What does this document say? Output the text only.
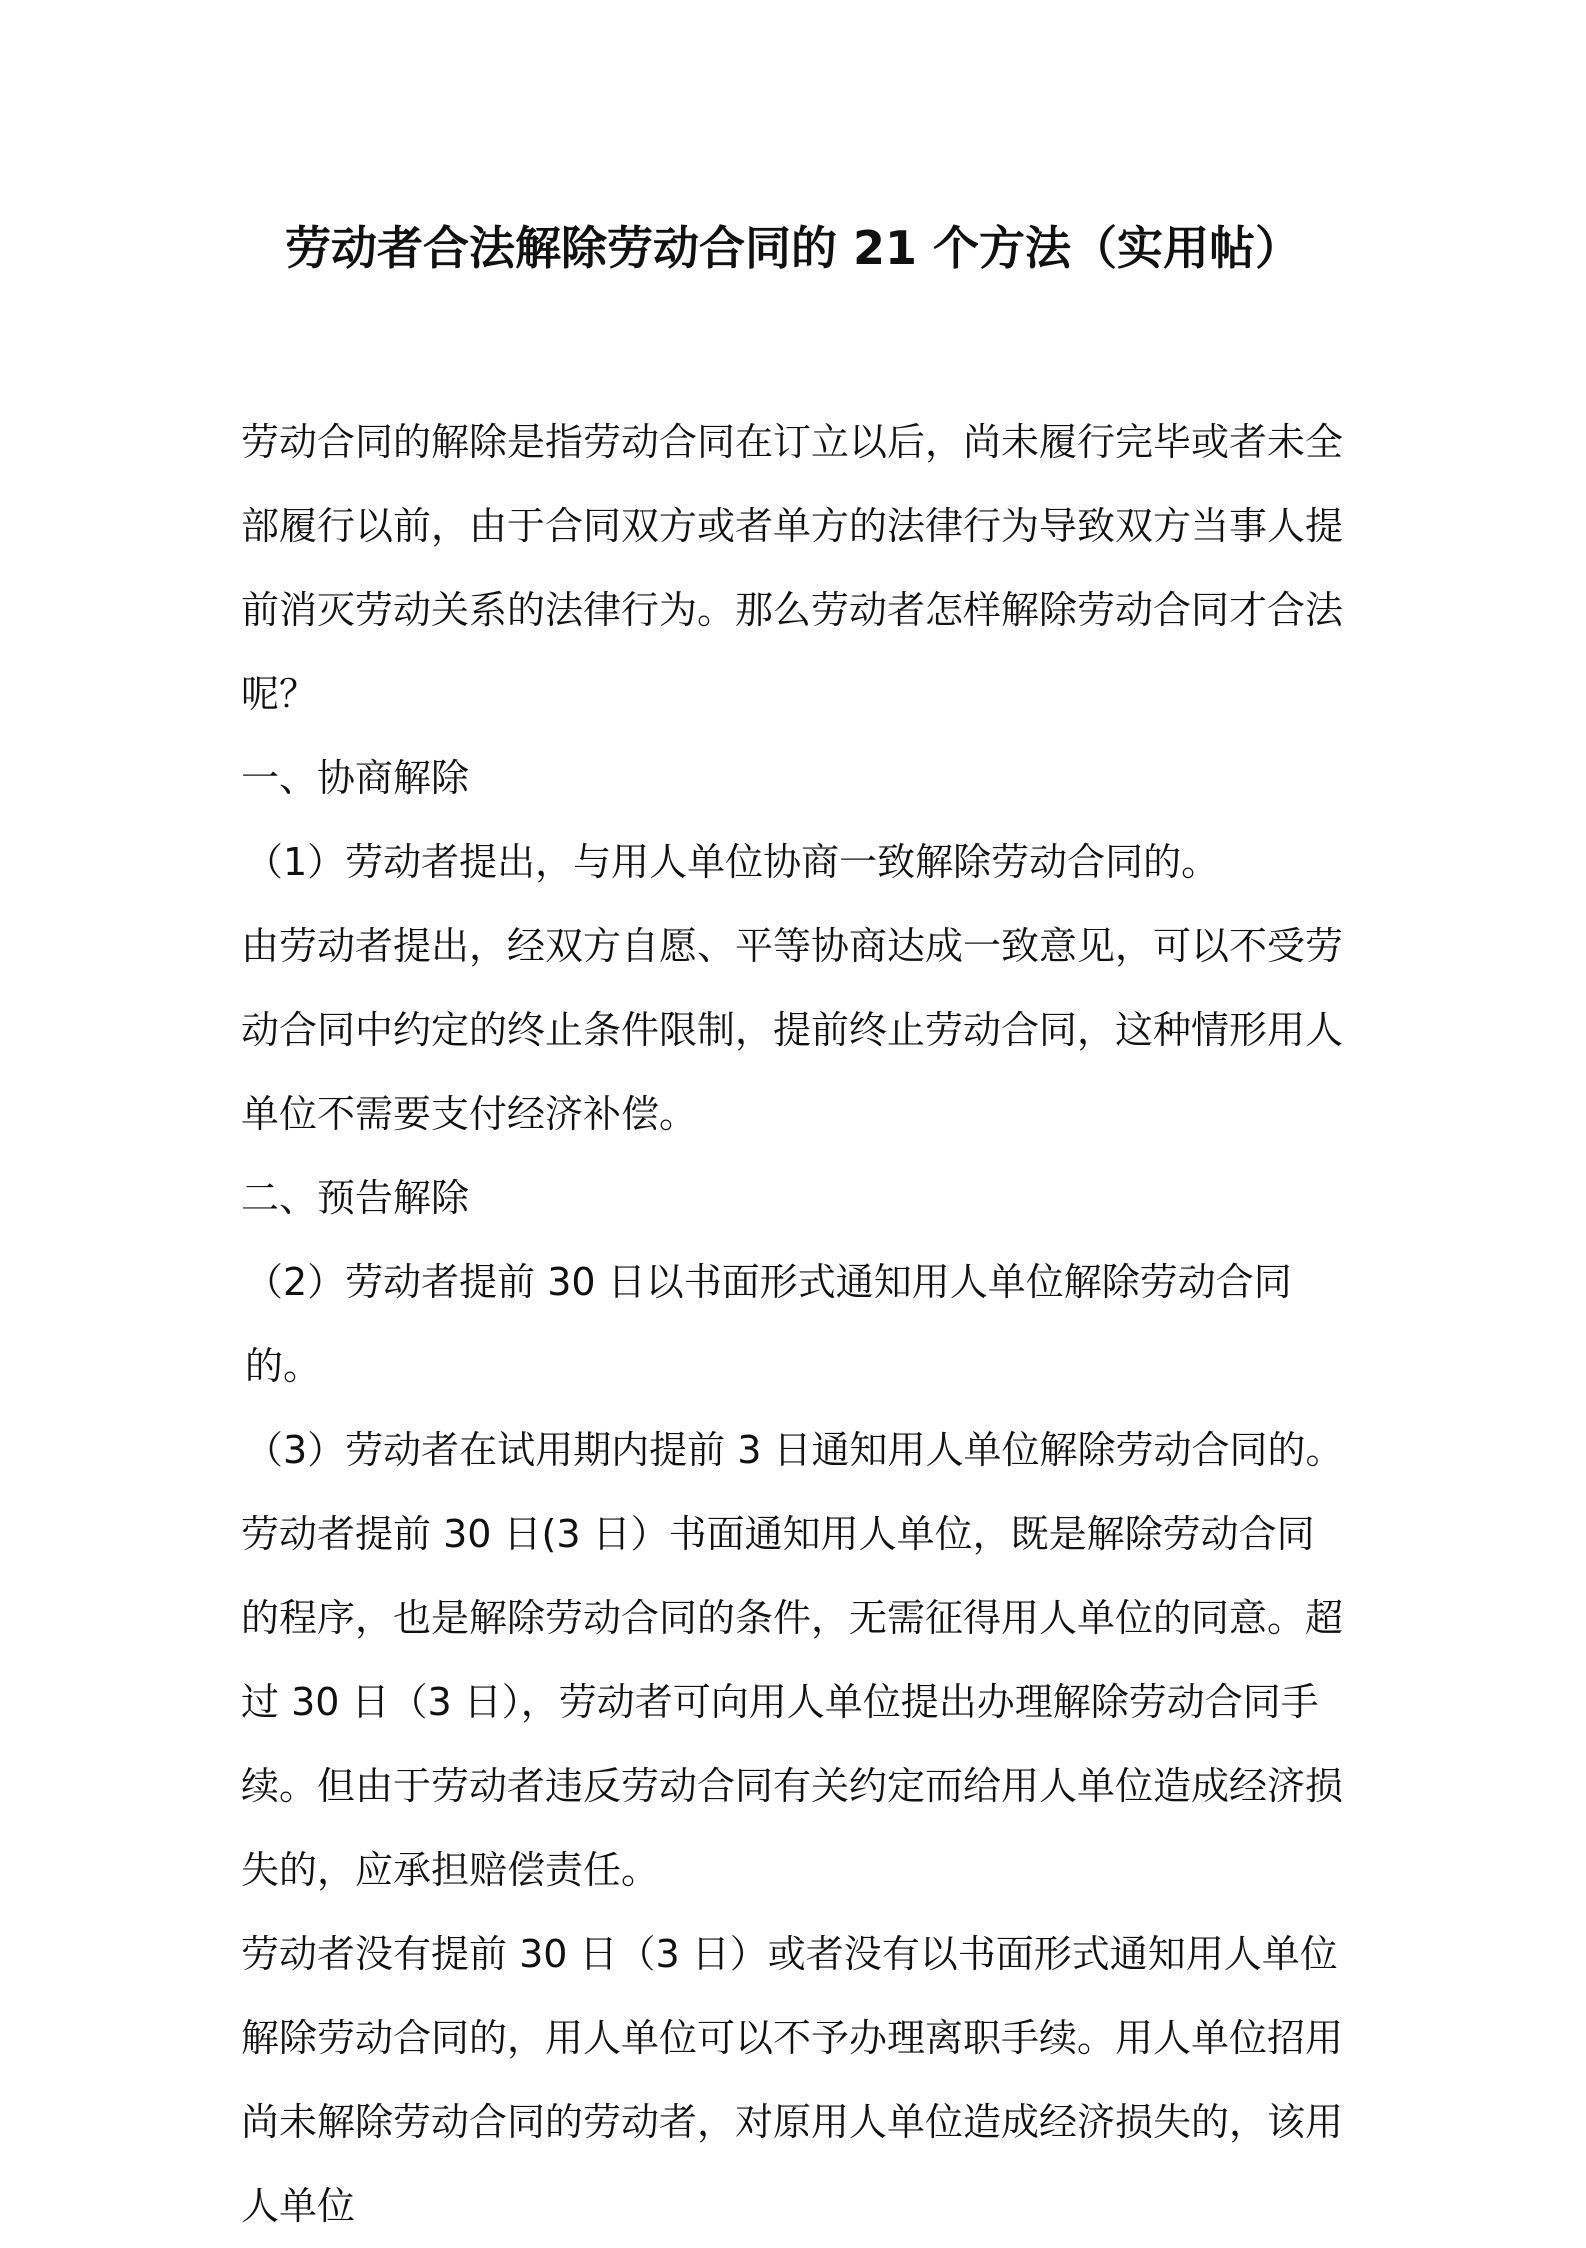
劳动者合法解除劳动合同的 21 个方法（实用帖）

劳动合同的解除是指劳动合同在订立以后，尚未履行完毕或者未全部履行以前，由于合同双方或者单方的法律行为导致双方当事人提前消灭劳动关系的法律行为。那么劳动者怎样解除劳动合同才合法呢？

一、协商解除

（1）劳动者提出，与用人单位协商一致解除劳动合同的。

由劳动者提出，经双方自愿、平等协商达成一致意见，可以不受劳动合同中约定的终止条件限制，提前终止劳动合同，这种情形用人单位不需要支付经济补偿。

二、预告解除

（2）劳动者提前 30 日以书面形式通知用人单位解除劳动合同的。

（3）劳动者在试用期内提前 3 日通知用人单位解除劳动合同的。

劳动者提前 30 日(3 日）书面通知用人单位，既是解除劳动合同的程序，也是解除劳动合同的条件，无需征得用人单位的同意。超过 30 日（3 日），劳动者可向用人单位提出办理解除劳动合同手续。但由于劳动者违反劳动合同有关约定而给用人单位造成经济损失的，应承担赔偿责任。

劳动者没有提前 30 日（3 日）或者没有以书面形式通知用人单位解除劳动合同的，用人单位可以不予办理离职手续。用人单位招用尚未解除劳动合同的劳动者，对原用人单位造成经济损失的，该用人单位
